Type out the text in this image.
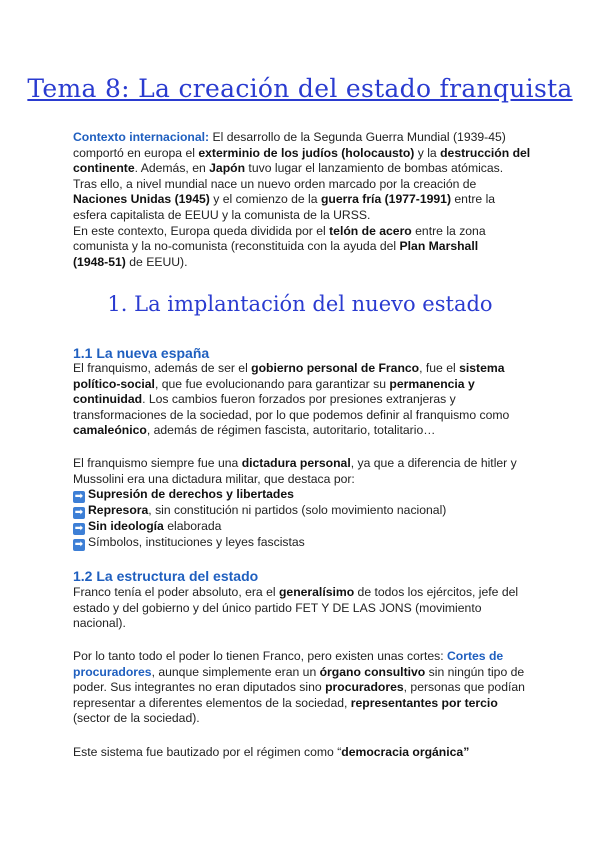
Tema 8: La creación del estado franquista
Contexto internacional: El desarrollo de la Segunda Guerra Mundial (1939-45)
comportó en europa el exterminio de los judíos (holocausto) y la destrucción del
continente. Además, en Japón tuvo lugar el lanzamiento de bombas atómicas.
Tras ello, a nivel mundial nace un nuevo orden marcado por la creación de
Naciones Unidas (1945) y el comienzo de la guerra fría (1977-1991) entre la
esfera capitalista de EEUU y la comunista de la URSS.
En este contexto, Europa queda dividida por el telón de acero entre la zona
comunista y la no-comunista (reconstituida con la ayuda del Plan Marshall
(1948-51) de EEUU).
1. La implantación del nuevo estado
1.1 La nueva españa
El franquismo, además de ser el gobierno personal de Franco, fue el sistema
político-social, que fue evolucionando para garantizar su permanencia y
continuidad. Los cambios fueron forzados por presiones extranjeras y
transformaciones de la sociedad, por lo que podemos definir al franquismo como
camaleónico, además de régimen fascista, autoritario, totalitario…
El franquismo siempre fue una dictadura personal, ya que a diferencia de hitler y
Mussolini era una dictadura militar, que destaca por:
➡ Supresión de derechos y libertades
➡ Represora, sin constitución ni partidos (solo movimiento nacional)
➡ Sin ideología elaborada
➡ Símbolos, instituciones y leyes fascistas
1.2 La estructura del estado
Franco tenía el poder absoluto, era el generalísimo de todos los ejércitos, jefe del
estado y del gobierno y del único partido FET Y DE LAS JONS (movimiento
nacional).
Por lo tanto todo el poder lo tienen Franco, pero existen unas cortes: Cortes de
procuradores, aunque simplemente eran un órgano consultivo sin ningún tipo de
poder. Sus integrantes no eran diputados sino procuradores, personas que podían
representar a diferentes elementos de la sociedad, representantes por tercio
(sector de la sociedad).
Este sistema fue bautizado por el régimen como “democracia orgánica”
